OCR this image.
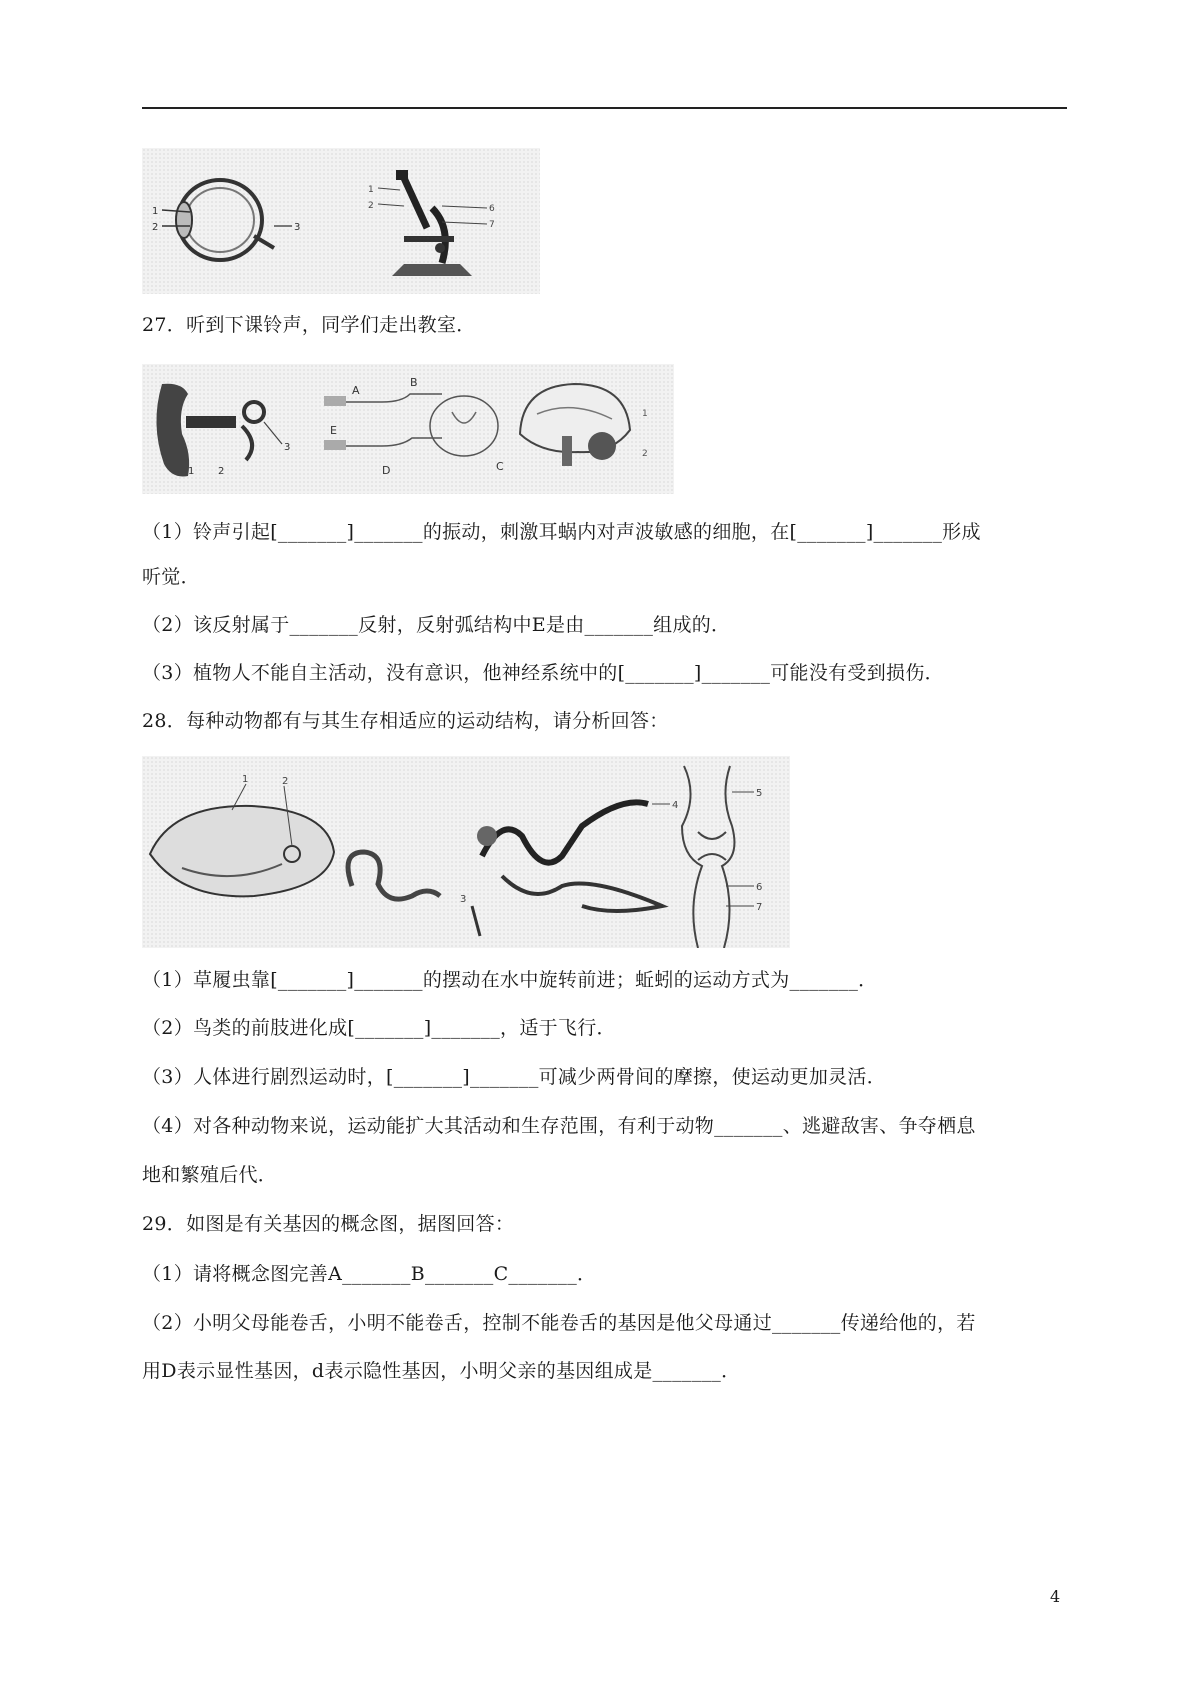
1
2	3
1
2	6
7
27．听到下课铃声，同学们走出教室．
1 2
3
A
B
C
D
E
1
2
（1）铃声引起[_______]_______的振动，刺激耳蜗内对声波敏感的细胞，在[_______]_______形成
听觉．
（2）该反射属于_______反射，反射弧结构中E是由_______组成的．
（3）植物人不能自主活动，没有意识，他神经系统中的[_______]_______可能没有受到损伤．
28．每种动物都有与其生存相适应的运动结构，请分析回答：
1	2
3
4
5
6
7
（1）草履虫靠[_______]_______的摆动在水中旋转前进；蚯蚓的运动方式为_______．
（2）鸟类的前肢进化成[_______]_______，适于飞行．
（3）人体进行剧烈运动时，[_______]_______可减少两骨间的摩擦，使运动更加灵活．
（4）对各种动物来说，运动能扩大其活动和生存范围，有利于动物_______、逃避敌害、争夺栖息
地和繁殖后代．
29．如图是有关基因的概念图，据图回答：
（1）请将概念图完善A_______B_______C_______．
（2）小明父母能卷舌，小明不能卷舌，控制不能卷舌的基因是他父母通过_______传递给他的，若
用D表示显性基因，d表示隐性基因，小明父亲的基因组成是_______．
4
